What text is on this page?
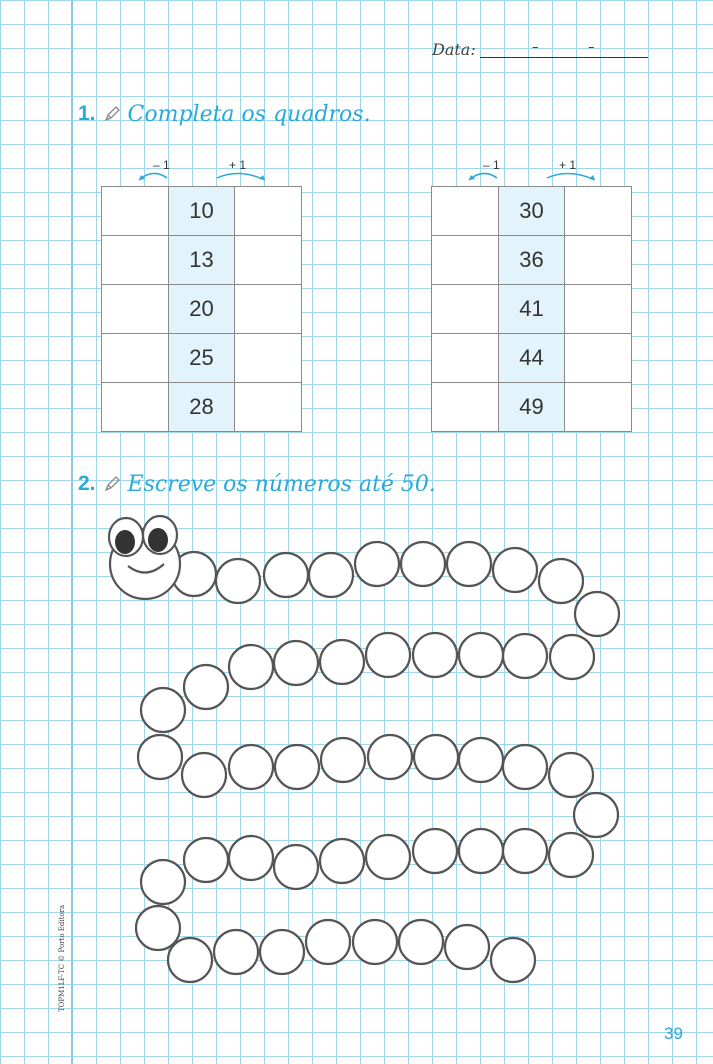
Data:	–	–
1. Completa os quadros.
– 1	+ 1
	10	
	13	
	20	
	25	
	28	
– 1	+ 1
	30	
	36	
	41	
	44	
	49	
2. Escreve os números até 50.
TOPM1LF-TC © Porto Editora
39
